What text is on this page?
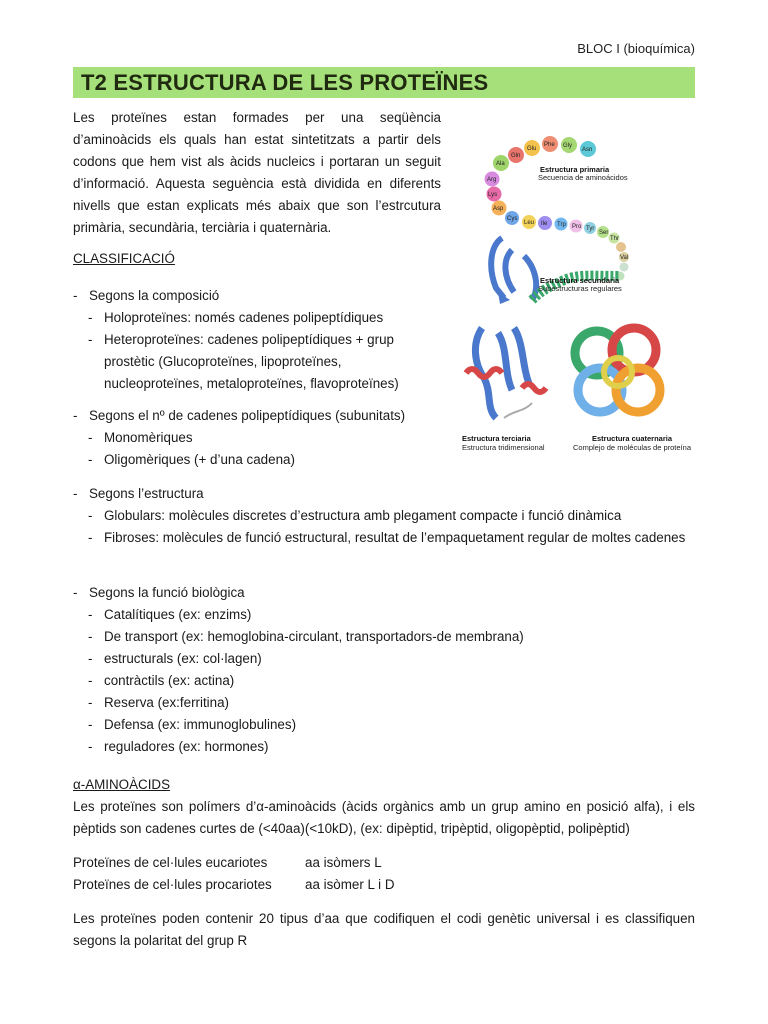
BLOC I (bioquímica)
T2 ESTRUCTURA DE LES PROTEÏNES

Les proteïnes estan formades per una seqüència d’aminoàcids els quals han estat sintetitzats a partir dels codons que hem vist als àcids nucleics i portaran un seguit d’informació. Aquesta seguència està dividida en diferents nivells que estan explicats més abaix que son l’estrcutura primària, secundària, terciària i quaternària.

Gln
Glu
Phe Gly
Asn
Ala
Arg
Lys
Asp
Cys
Leu Ile Trp Pro Tyr
Ser
Thr
Val
Estructura primaria
Secuencia de aminoácidos
Estructura secundaria
Subestructuras regulares
Estructura terciaria
Estructura tridimensional
Estructura cuaternaria
Complejo de moléculas de proteína

CLASSIFICACIÓ

- Segons la composició
- Holoproteïnes: només cadenes polipeptídiques
- Heteroproteïnes: cadenes polipeptídiques + grup prostètic (Glucoproteïnes, lipoproteïnes, nucleoproteïnes, metaloproteïnes, flavoproteïnes)
- Segons el nº de cadenes polipeptídiques (subunitats)
- Monomèriques
- Oligomèriques (+ d’una cadena)
- Segons l’estructura
- Globulars: molècules discretes d’estructura amb plegament compacte i funció dinàmica
- Fibroses: molècules de funció estructural, resultat de l’empaquetament regular de moltes cadenes
- Segons la funció biològica
- Catalítiques (ex: enzims)
- De transport (ex: hemoglobina-circulant, transportadors-de membrana)
- estructurals (ex: col·lagen)
- contràctils (ex: actina)
- Reserva (ex:ferritina)
- Defensa (ex: immunoglobulines)
- reguladores (ex: hormones)

α-AMINOÀCIDS

Les proteïnes son polímers d’α-aminoàcids (àcids orgànics amb un grup amino en posició alfa), i els pèptids son cadenes curtes de (<40aa)(<10kD), (ex: dipèptid, tripèptid, oligopèptid, polipèptid)

Proteïnes de cel·lules eucariotes	aa isòmers L
Proteïnes de cel·lules procariotes aa isòmer L i D

Les proteïnes poden contenir 20 tipus d’aa que codifiquen el codi genètic universal i es classifiquen segons la polaritat del grup R
